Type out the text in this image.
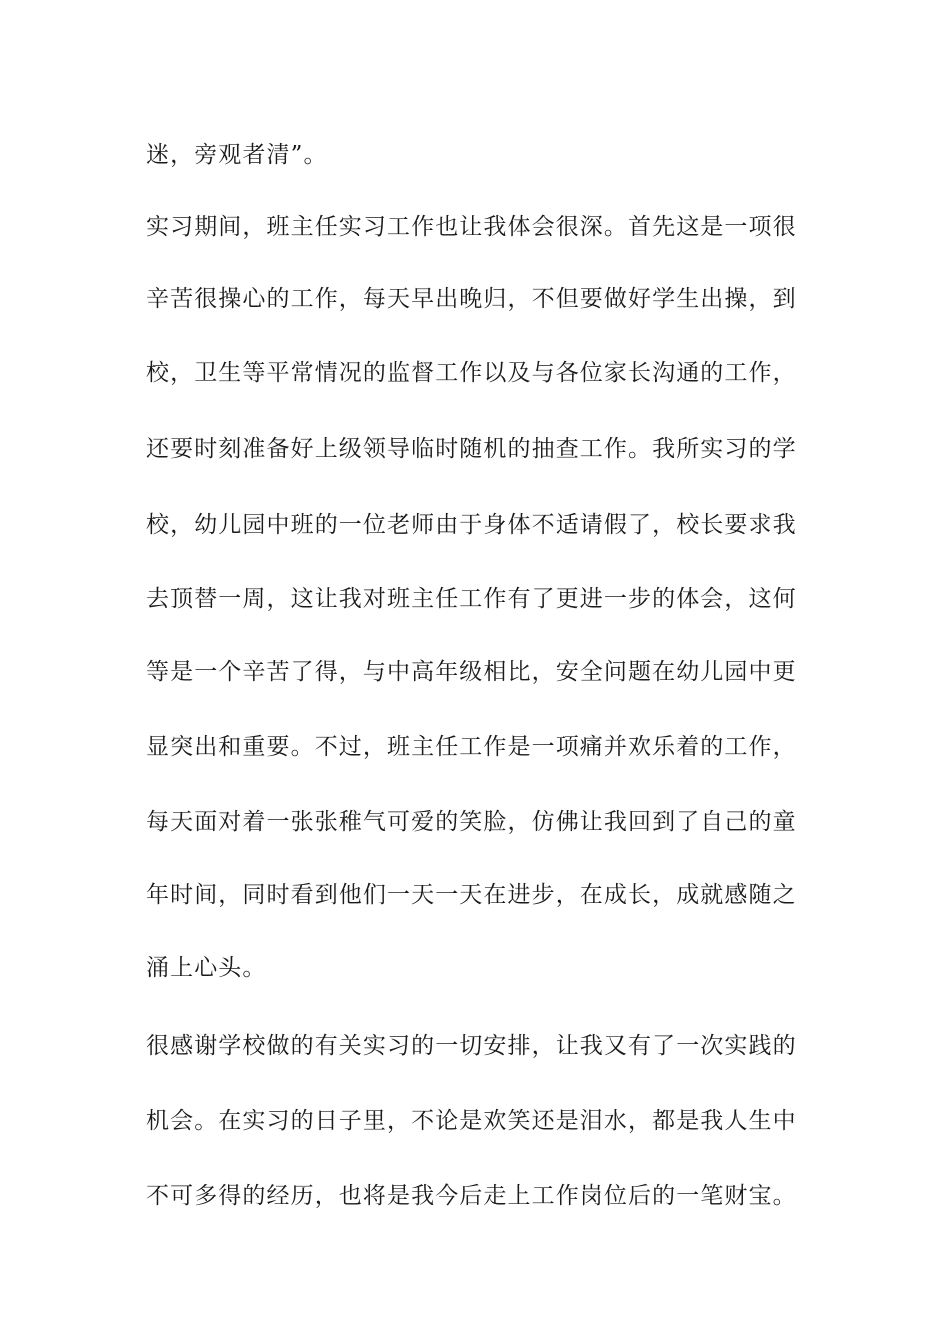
迷，旁观者清”。
实习期间，班主任实习工作也让我体会很深。首先这是一项很
辛苦很操心的工作，每天早出晚归，不但要做好学生出操，到
校，卫生等平常情况的监督工作以及与各位家长沟通的工作，
还要时刻准备好上级领导临时随机的抽查工作。我所实习的学
校，幼儿园中班的一位老师由于身体不适请假了，校长要求我
去顶替一周，这让我对班主任工作有了更进一步的体会，这何
等是一个辛苦了得，与中高年级相比，安全问题在幼儿园中更
显突出和重要。不过，班主任工作是一项痛并欢乐着的工作，
每天面对着一张张稚气可爱的笑脸，仿佛让我回到了自己的童
年时间，同时看到他们一天一天在进步，在成长，成就感随之
涌上心头。
很感谢学校做的有关实习的一切安排，让我又有了一次实践的
机会。在实习的日子里，不论是欢笑还是泪水，都是我人生中
不可多得的经历，也将是我今后走上工作岗位后的一笔财宝。
